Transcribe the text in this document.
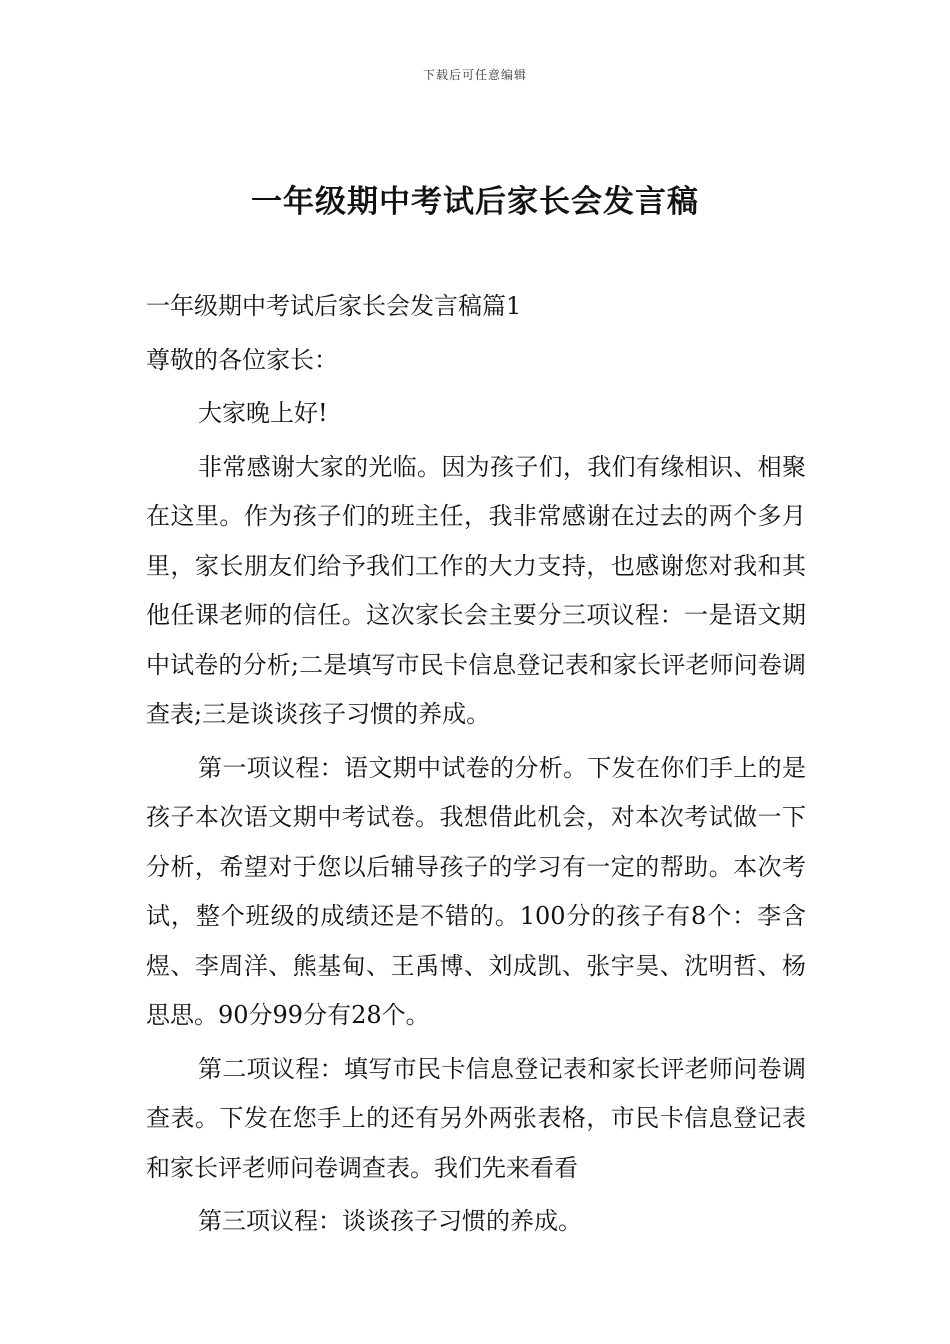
下载后可任意编辑
一年级期中考试后家长会发言稿

一年级期中考试后家长会发言稿篇1

尊敬的各位家长：

大家晚上好!

非常感谢大家的光临。因为孩子们，我们有缘相识、相聚在这里。作为孩子们的班主任，我非常感谢在过去的两个多月里，家长朋友们给予我们工作的大力支持，也感谢您对我和其他任课老师的信任。这次家长会主要分三项议程：一是语文期中试卷的分析;二是填写市民卡信息登记表和家长评老师问卷调查表;三是谈谈孩子习惯的养成。

第一项议程：语文期中试卷的分析。下发在你们手上的是孩子本次语文期中考试卷。我想借此机会，对本次考试做一下分析，希望对于您以后辅导孩子的学习有一定的帮助。本次考试，整个班级的成绩还是不错的。100分的孩子有8个：李含煜、李周洋、熊基甸、王禹博、刘成凯、张宇昊、沈明哲、杨思思。90分99分有28个。

第二项议程：填写市民卡信息登记表和家长评老师问卷调查表。下发在您手上的还有另外两张表格，市民卡信息登记表和家长评老师问卷调查表。我们先来看看

第三项议程：谈谈孩子习惯的养成。
